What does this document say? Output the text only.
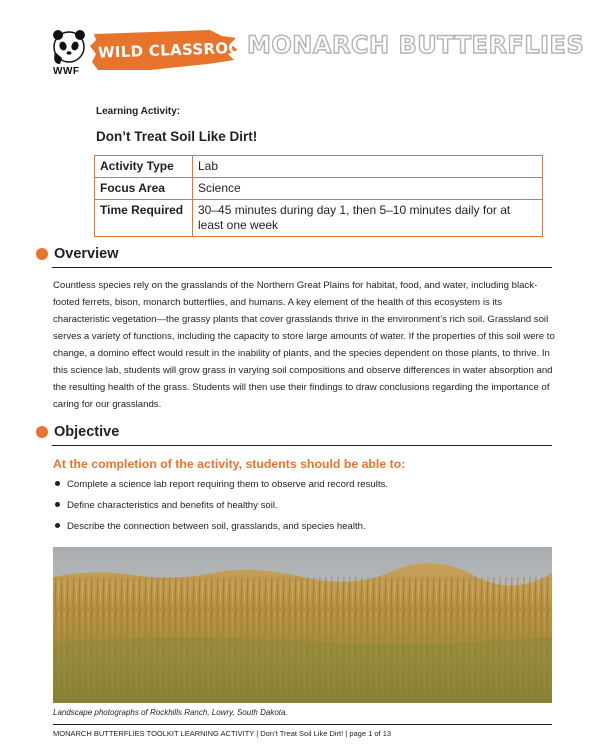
WWF
WILD CLASSROOM
MONARCH BUTTERFLIES
Learning Activity:
Don’t Treat Soil Like Dirt!
Activity Type	Lab
Focus Area	Science
Time Required	30–45 minutes during day 1, then 5–10 minutes daily for at least one week
Overview

Countless species rely on the grasslands of the Northern Great Plains for habitat, food, and water, including black-footed ferrets, bison, monarch butterflies, and humans. A key element of the health of this ecosystem is its characteristic vegetation—the grassy plants that cover grasslands thrive in the environment’s rich soil. Grassland soil serves a variety of functions, including the capacity to store large amounts of water. If the properties of this soil were to change, a domino effect would result in the inability of plants, and the species dependent on those plants, to thrive. In this science lab, students will grow grass in varying soil compositions and observe differences in water absorption and the resulting health of the grass. Students will then use their findings to draw conclusions regarding the importance of caring for our grasslands.

Objective
At the completion of the activity, students should be able to:
Complete a science lab report requiring them to observe and record results.
Define characteristics and benefits of healthy soil.
Describe the connection between soil, grasslands, and species health.
Landscape photographs of Rockhills Ranch, Lowry, South Dakota.
MONARCH BUTTERFLIES TOOLKIT LEARNING ACTIVITY | Don’t Treat Soil Like Dirt! | page 1 of 13
